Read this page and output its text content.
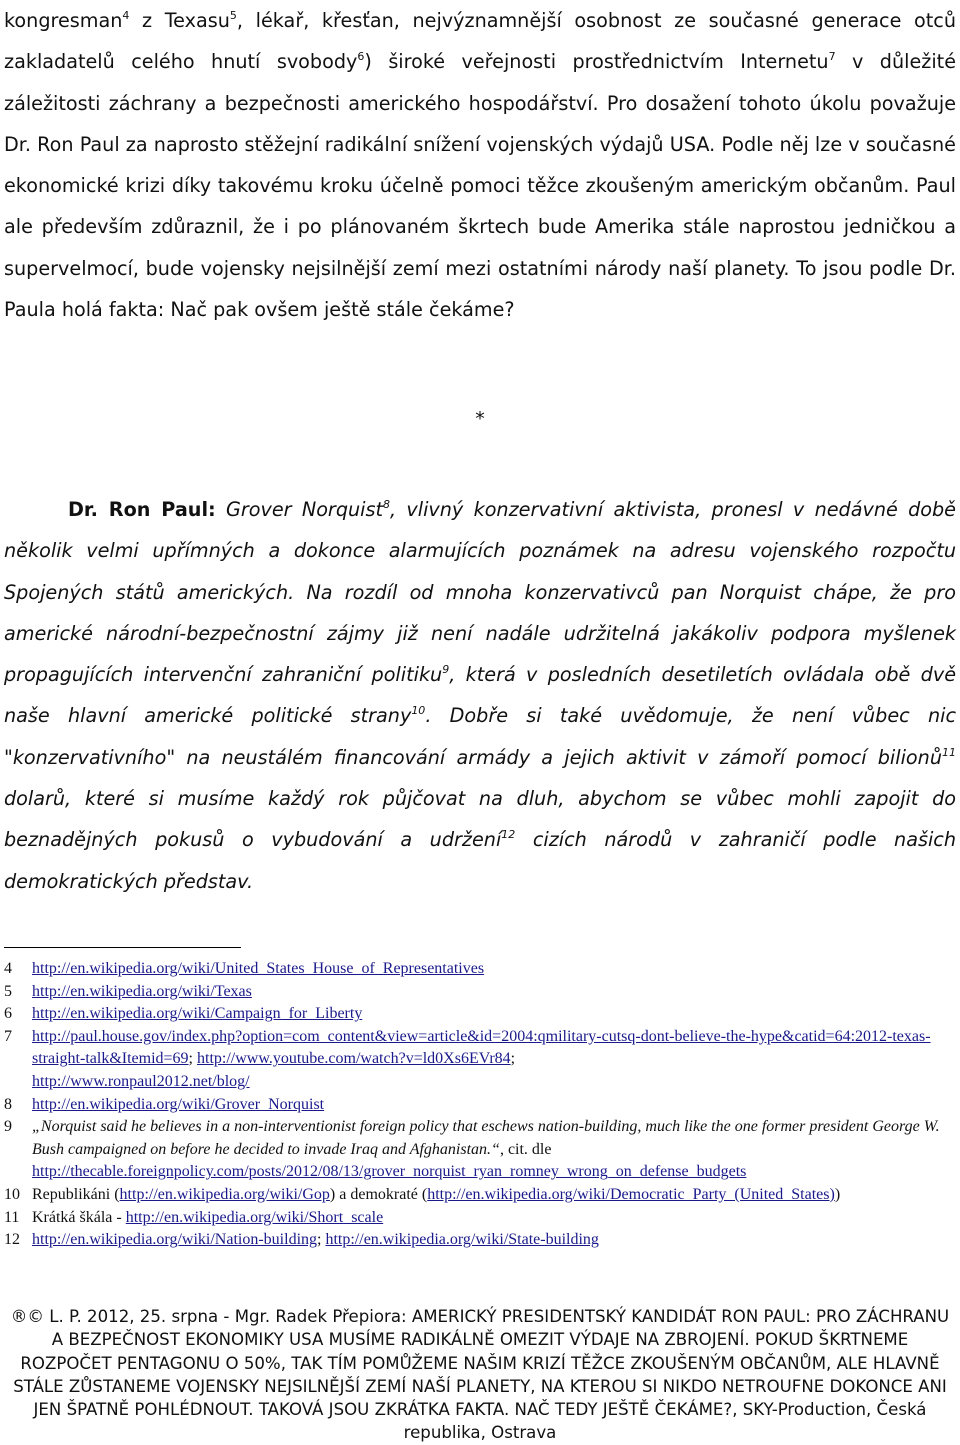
kongresman$^4$ z Texasu$^5$, lékař, křesťan, nejvýznamnější osobnost ze současné generace otců zakladatelů celého hnutí svobody$^6$) široké veřejnosti prostřednictvím Internetu$^7$ v důležité záležitosti záchrany a bezpečnosti amerického hospodářství. Pro dosažení tohoto úkolu považuje Dr. Ron Paul za naprosto stěžejní radikální snížení vojenských výdajů USA. Podle něj lze v současné ekonomické krizi díky takovému kroku účelně pomoci těžce zkoušeným americkým občanům. Paul ale především zdůraznil, že i po plánovaném škrtech bude Amerika stále naprostou jedničkou a supervelmocí, bude vojensky nejsilnější zemí mezi ostatními národy naší planety. To jsou podle Dr. Paula holá fakta: Nač pak ovšem ještě stále čekáme?
*
Dr. Ron Paul: Grover Norquist$^8$, vlivný konzervativní aktivista, pronesl v nedávné době několik velmi upřímných a dokonce alarmujících poznámek na adresu vojenského rozpočtu Spojených států amerických. Na rozdíl od mnoha konzervativců pan Norquist chápe, že pro americké národní-bezpečnostní zájmy již není nadále udržitelná jakákoliv podpora myšlenek propagujících intervenční zahraniční politiku$^9$, která v posledních desetiletích ovládala obě dvě naše hlavní americké politické strany$^{10}$. Dobře si také uvědomuje, že není vůbec nic "konzervativního" na neustálém financování armády a jejich aktivit v zámoří pomocí bilionů$^{11}$ dolarů, které si musíme každý rok půjčovat na dluh, abychom se vůbec mohli zapojit do beznadějných pokusů o vybudování a udržení$^{12}$ cizích národů v zahraničí podle našich demokratických představ.
4	http://en.wikipedia.org/wiki/United_States_House_of_Representatives
5	http://en.wikipedia.org/wiki/Texas
6	http://en.wikipedia.org/wiki/Campaign_for_Liberty
7	http://paul.house.gov/index.php?option=com_content&view=article&id=2004:qmilitary-cutsq-dont-believe-the-hype&catid=64:2012-texas-straight-talk&Itemid=69; http://www.youtube.com/watch?v=ld0Xs6EVr84;
http://www.ronpaul2012.net/blog/
8	http://en.wikipedia.org/wiki/Grover_Norquist
9	„Norquist said he believes in a non-interventionist foreign policy that eschews nation-building, much like the one former president George W. Bush campaigned on before he decided to invade Iraq and Afghanistan.“, cit. dle http://thecable.foreignpolicy.com/posts/2012/08/13/grover_norquist_ryan_romney_wrong_on_defense_budgets
10 Republikáni (http://en.wikipedia.org/wiki/Gop) a demokraté (http://en.wikipedia.org/wiki/Democratic_Party_(United_States))
11 Krátká škála - http://en.wikipedia.org/wiki/Short_scale
12 http://en.wikipedia.org/wiki/Nation-building; http://en.wikipedia.org/wiki/State-building
®© L. P. 2012, 25. srpna - Mgr. Radek Přepiora: AMERICKÝ PRESIDENTSKÝ KANDIDÁT RON PAUL: PRO ZÁCHRANU A BEZPEČNOST EKONOMIKY USA MUSÍME RADIKÁLNĚ OMEZIT VÝDAJE NA ZBROJENÍ. POKUD ŠKRTNEME ROZPOČET PENTAGONU O 50%, TAK TÍM POMŮŽEME NAŠIM KRIZÍ TĚŽCE ZKOUŠENÝM OBČANŮM, ALE HLAVNĚ STÁLE ZŮSTANEME VOJENSKY NEJSILNĚJŠÍ ZEMÍ NAŠÍ PLANETY, NA KTEROU SI NIKDO NETROUFNE DOKONCE ANI JEN ŠPATNĚ POHLÉDNOUT. TAKOVÁ JSOU ZKRÁTKA FAKTA. NAČ TEDY JEŠTĚ ČEKÁME?, SKY-Production, Česká republika, Ostrava
